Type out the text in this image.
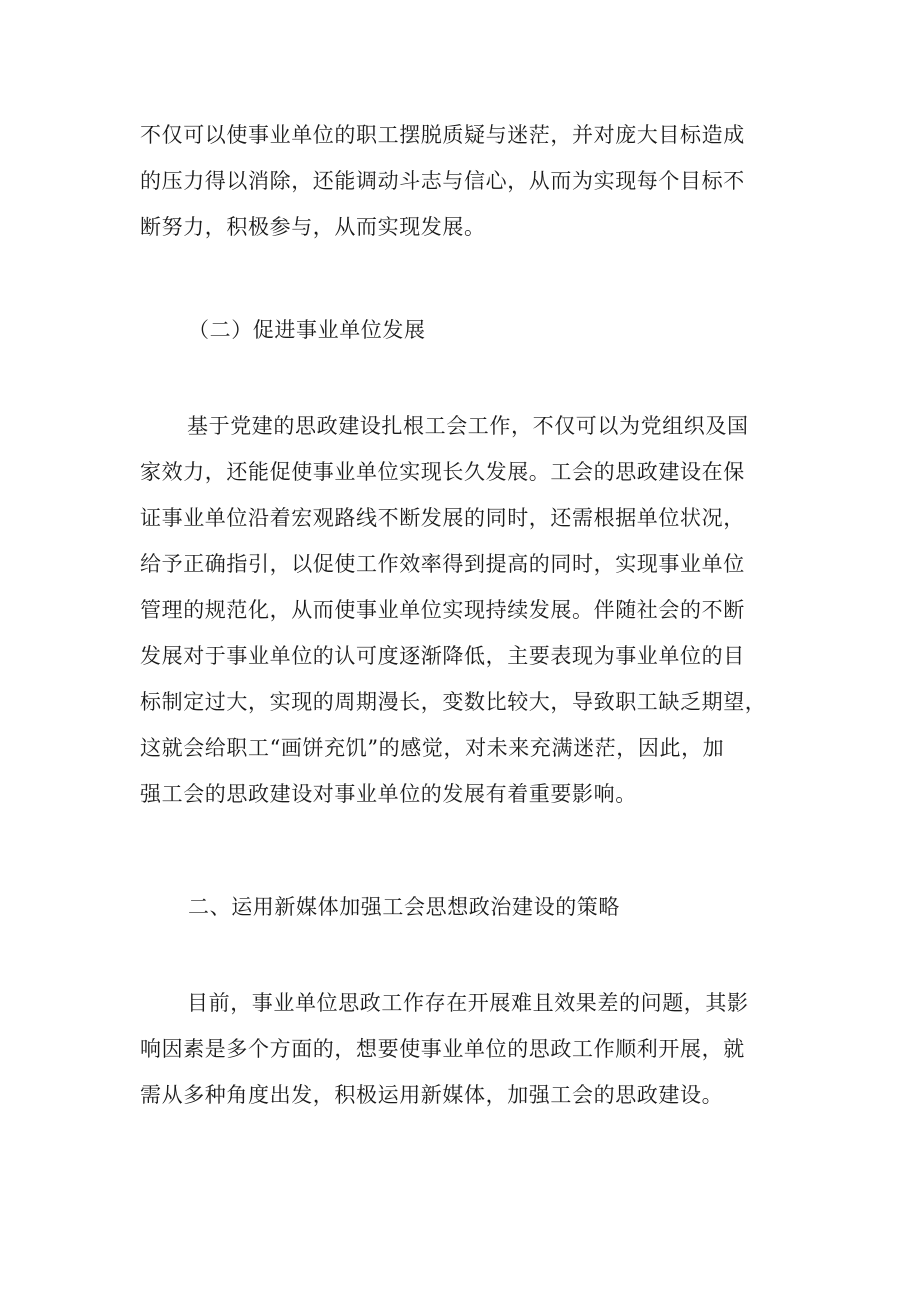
不仅可以使事业单位的职工摆脱质疑与迷茫，并对庞大目标造成
的压力得以消除，还能调动斗志与信心，从而为实现每个目标不
断努力，积极参与，从而实现发展。
（二）促进事业单位发展
基于党建的思政建设扎根工会工作，不仅可以为党组织及国
家效力，还能促使事业单位实现长久发展。工会的思政建设在保
证事业单位沿着宏观路线不断发展的同时，还需根据单位状况，
给予正确指引，以促使工作效率得到提高的同时，实现事业单位
管理的规范化，从而使事业单位实现持续发展。伴随社会的不断
发展对于事业单位的认可度逐渐降低，主要表现为事业单位的目
标制定过大，实现的周期漫长，变数比较大，导致职工缺乏期望，
这就会给职工“画饼充饥”的感觉，对未来充满迷茫，因此，加
强工会的思政建设对事业单位的发展有着重要影响。
二、运用新媒体加强工会思想政治建设的策略
目前，事业单位思政工作存在开展难且效果差的问题，其影
响因素是多个方面的，想要使事业单位的思政工作顺利开展，就
需从多种角度出发，积极运用新媒体，加强工会的思政建设。
